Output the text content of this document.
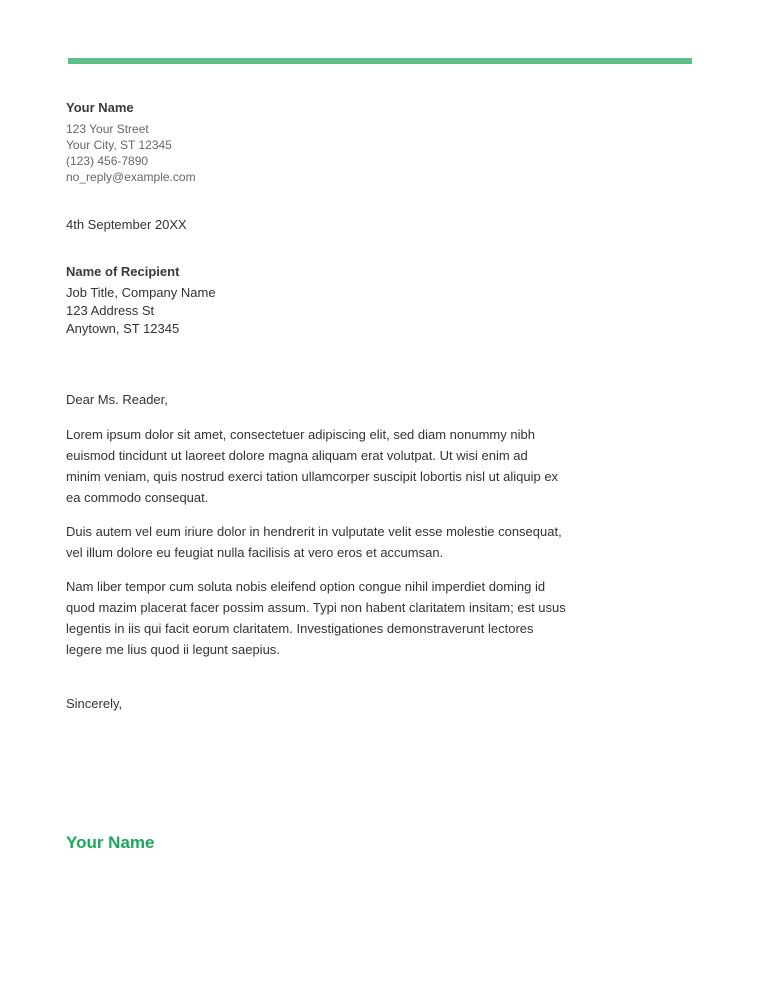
Your Name
123 Your Street
Your City, ST 12345
(123) 456-7890
no_reply@example.com
4th September 20XX
Name of Recipient
Job Title, Company Name
123 Address St
Anytown, ST 12345
Dear Ms. Reader,

Lorem ipsum dolor sit amet, consectetuer adipiscing elit, sed diam nonummy nibh euismod tincidunt ut laoreet dolore magna aliquam erat volutpat. Ut wisi enim ad minim veniam, quis nostrud exerci tation ullamcorper suscipit lobortis nisl ut aliquip ex ea commodo consequat.

Duis autem vel eum iriure dolor in hendrerit in vulputate velit esse molestie consequat, vel illum dolore eu feugiat nulla facilisis at vero eros et accumsan.

Nam liber tempor cum soluta nobis eleifend option congue nihil imperdiet doming id quod mazim placerat facer possim assum. Typi non habent claritatem insitam; est usus legentis in iis qui facit eorum claritatem. Investigationes demonstraverunt lectores legere me lius quod ii legunt saepius.

Sincerely,
Your Name
